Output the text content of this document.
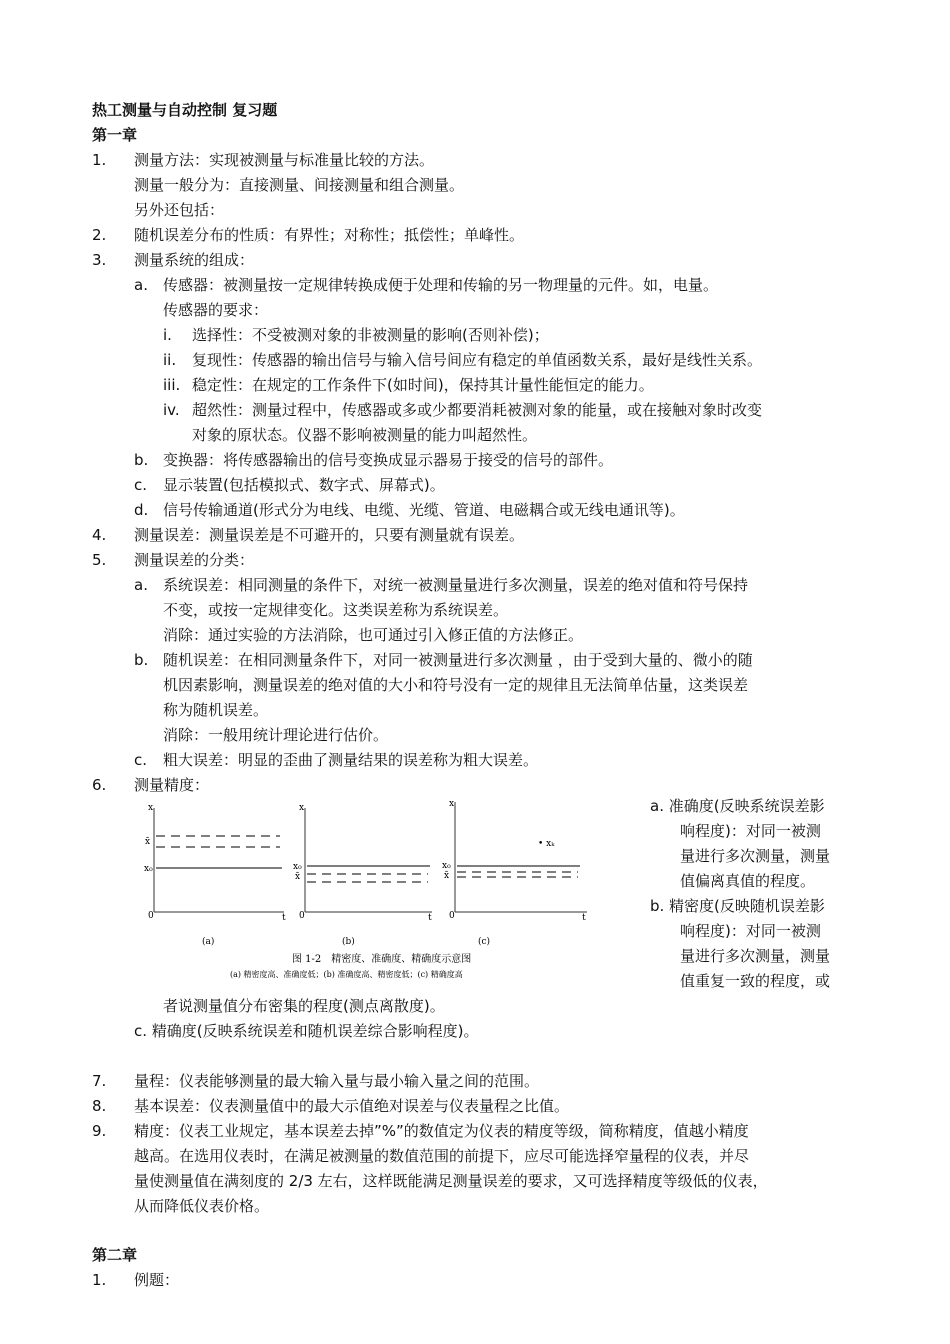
热工测量与自动控制 复习题
第一章
1. 测量方法：实现被测量与标准量比较的方法。
测量一般分为：直接测量、间接测量和组合测量。
另外还包括：
2. 随机误差分布的性质：有界性；对称性；抵偿性；单峰性。
3. 测量系统的组成：
a. 传感器：被测量按一定规律转换成便于处理和传输的另一物理量的元件。如，电量。
传感器的要求：
i. 选择性：不受被测对象的非被测量的影响(否则补偿)；
ii. 复现性：传感器的输出信号与输入信号间应有稳定的单值函数关系，最好是线性关系。
iii. 稳定性：在规定的工作条件下(如时间)，保持其计量性能恒定的能力。
iv. 超然性：测量过程中，传感器或多或少都要消耗被测对象的能量，或在接触对象时改变
对象的原状态。仪器不影响被测量的能力叫超然性。
b. 变换器：将传感器输出的信号变换成显示器易于接受的信号的部件。
c. 显示装置(包括模拟式、数字式、屏幕式)。
d. 信号传输通道(形式分为电线、电缆、光缆、管道、电磁耦合或无线电通讯等)。
4. 测量误差：测量误差是不可避开的，只要有测量就有误差。
5. 测量误差的分类：
a. 系统误差：相同测量的条件下，对统一被测量量进行多次测量，误差的绝对值和符号保持
不变，或按一定规律变化。这类误差称为系统误差。
消除：通过实验的方法消除，也可通过引入修正值的方法修正。
b. 随机误差：在相同测量条件下，对同一被测量进行多次测量 ，由于受到大量的、微小的随
机因素影响，测量误差的绝对值的大小和符号没有一定的规律且无法简单估量，这类误差
称为随机误差。
消除：一般用统计理论进行估价。
c. 粗大误差：明显的歪曲了测量结果的误差称为粗大误差。
6. 测量精度：
x
x̄
x₀
0	t
(a)
x
x₀
x̄
0	t
(b)
x
x₀
x̄
• xₖ
0	t
(c)
图 1-2　精密度、准确度、精确度示意图
(a) 精密度高、准确度低；(b) 准确度高、精密度低；(c) 精确度高
a. 准确度(反映系统误差影
响程度)：对同一被测
量进行多次测量，测量
值偏离真值的程度。
b. 精密度(反映随机误差影
响程度)：对同一被测
量进行多次测量，测量
值重复一致的程度，或
者说测量值分布密集的程度(测点离散度)。
c. 精确度(反映系统误差和随机误差综合影响程度)。
7. 量程：仪表能够测量的最大输入量与最小输入量之间的范围。
8. 基本误差：仪表测量值中的最大示值绝对误差与仪表量程之比值。
9. 精度：仪表工业规定，基本误差去掉”%”的数值定为仪表的精度等级，简称精度，值越小精度
越高。在选用仪表时，在满足被测量的数值范围的前提下，应尽可能选择窄量程的仪表，并尽
量使测量值在满刻度的 2/3 左右，这样既能满足测量误差的要求，又可选择精度等级低的仪表，
从而降低仪表价格。
第二章
1. 例题：
